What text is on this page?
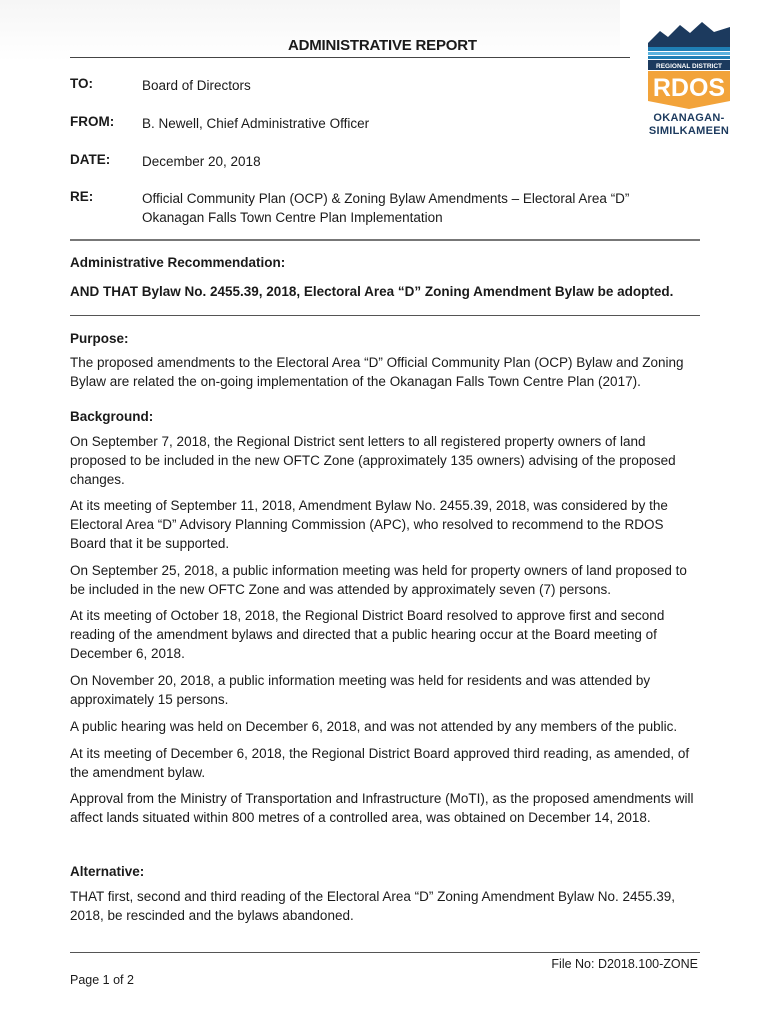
ADMINISTRATIVE REPORT
REGIONAL DISTRICT
RDOS
OKANAGAN-
SIMILKAMEEN
TO:	Board of Directors
FROM: B. Newell, Chief Administrative Officer
DATE: December 20, 2018
RE:	Official Community Plan (OCP) & Zoning Bylaw Amendments – Electoral Area “D”
Okanagan Falls Town Centre Plan Implementation
Administrative Recommendation:
AND THAT Bylaw No. 2455.39, 2018, Electoral Area “D” Zoning Amendment Bylaw be adopted.
Purpose:
The proposed amendments to the Electoral Area “D” Official Community Plan (OCP) Bylaw and Zoning Bylaw are related the on-going implementation of the Okanagan Falls Town Centre Plan (2017).
Background:
On September 7, 2018, the Regional District sent letters to all registered property owners of land proposed to be included in the new OFTC Zone (approximately 135 owners) advising of the proposed changes.
At its meeting of September 11, 2018, Amendment Bylaw No. 2455.39, 2018, was considered by the Electoral Area “D” Advisory Planning Commission (APC), who resolved to recommend to the RDOS Board that it be supported.
On September 25, 2018, a public information meeting was held for property owners of land proposed to be included in the new OFTC Zone and was attended by approximately seven (7) persons.
At its meeting of October 18, 2018, the Regional District Board resolved to approve first and second reading of the amendment bylaws and directed that a public hearing occur at the Board meeting of December 6, 2018.
On November 20, 2018, a public information meeting was held for residents and was attended by approximately 15 persons.
A public hearing was held on December 6, 2018, and was not attended by any members of the public.
At its meeting of December 6, 2018, the Regional District Board approved third reading, as amended, of the amendment bylaw.
Approval from the Ministry of Transportation and Infrastructure (MoTI), as the proposed amendments will affect lands situated within 800 metres of a controlled area, was obtained on December 14, 2018.
Alternative:
THAT first, second and third reading of the Electoral Area “D” Zoning Amendment Bylaw No. 2455.39, 2018, be rescinded and the bylaws abandoned.
File No: D2018.100-ZONE
Page 1 of 2
